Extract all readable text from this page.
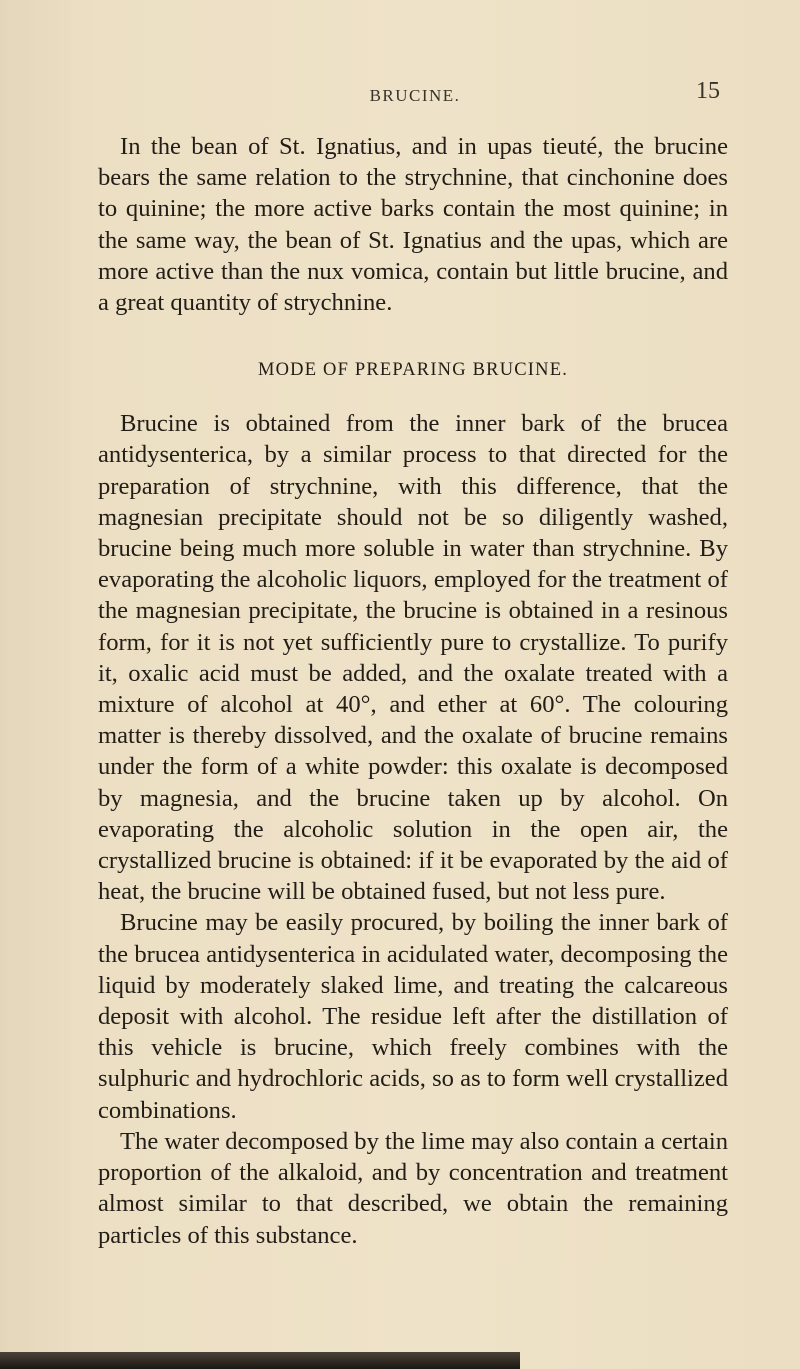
BRUCINE.	15

In the bean of St. Ignatius, and in upas tieuté, the brucine bears the same relation to the strychnine, that cinchonine does to quinine; the more active barks contain the most quinine; in the same way, the bean of St. Ignatius and the upas, which are more active than the nux vomica, contain but little brucine, and a great quantity of strychnine.

MODE OF PREPARING BRUCINE.

Brucine is obtained from the inner bark of the brucea antidysenterica, by a similar process to that directed for the preparation of strychnine, with this difference, that the magnesian precipitate should not be so diligently washed, brucine being much more soluble in water than strychnine. By evaporating the alcoholic liquors, employed for the treatment of the magnesian precipitate, the brucine is obtained in a resinous form, for it is not yet sufficiently pure to crystallize. To purify it, oxalic acid must be added, and the oxalate treated with a mixture of alcohol at 40°, and ether at 60°. The colouring matter is thereby dissolved, and the oxalate of brucine remains under the form of a white powder: this oxalate is decomposed by magnesia, and the brucine taken up by alcohol. On evaporating the alcoholic solution in the open air, the crystallized brucine is obtained: if it be evaporated by the aid of heat, the brucine will be obtained fused, but not less pure.

Brucine may be easily procured, by boiling the inner bark of the brucea antidysenterica in acidulated water, decomposing the liquid by moderately slaked lime, and treating the calcareous deposit with alcohol. The residue left after the distillation of this vehicle is brucine, which freely combines with the sulphuric and hydrochloric acids, so as to form well crystallized combinations.

The water decomposed by the lime may also contain a certain proportion of the alkaloid, and by concentration and treatment almost similar to that described, we obtain the remaining particles of this substance.
